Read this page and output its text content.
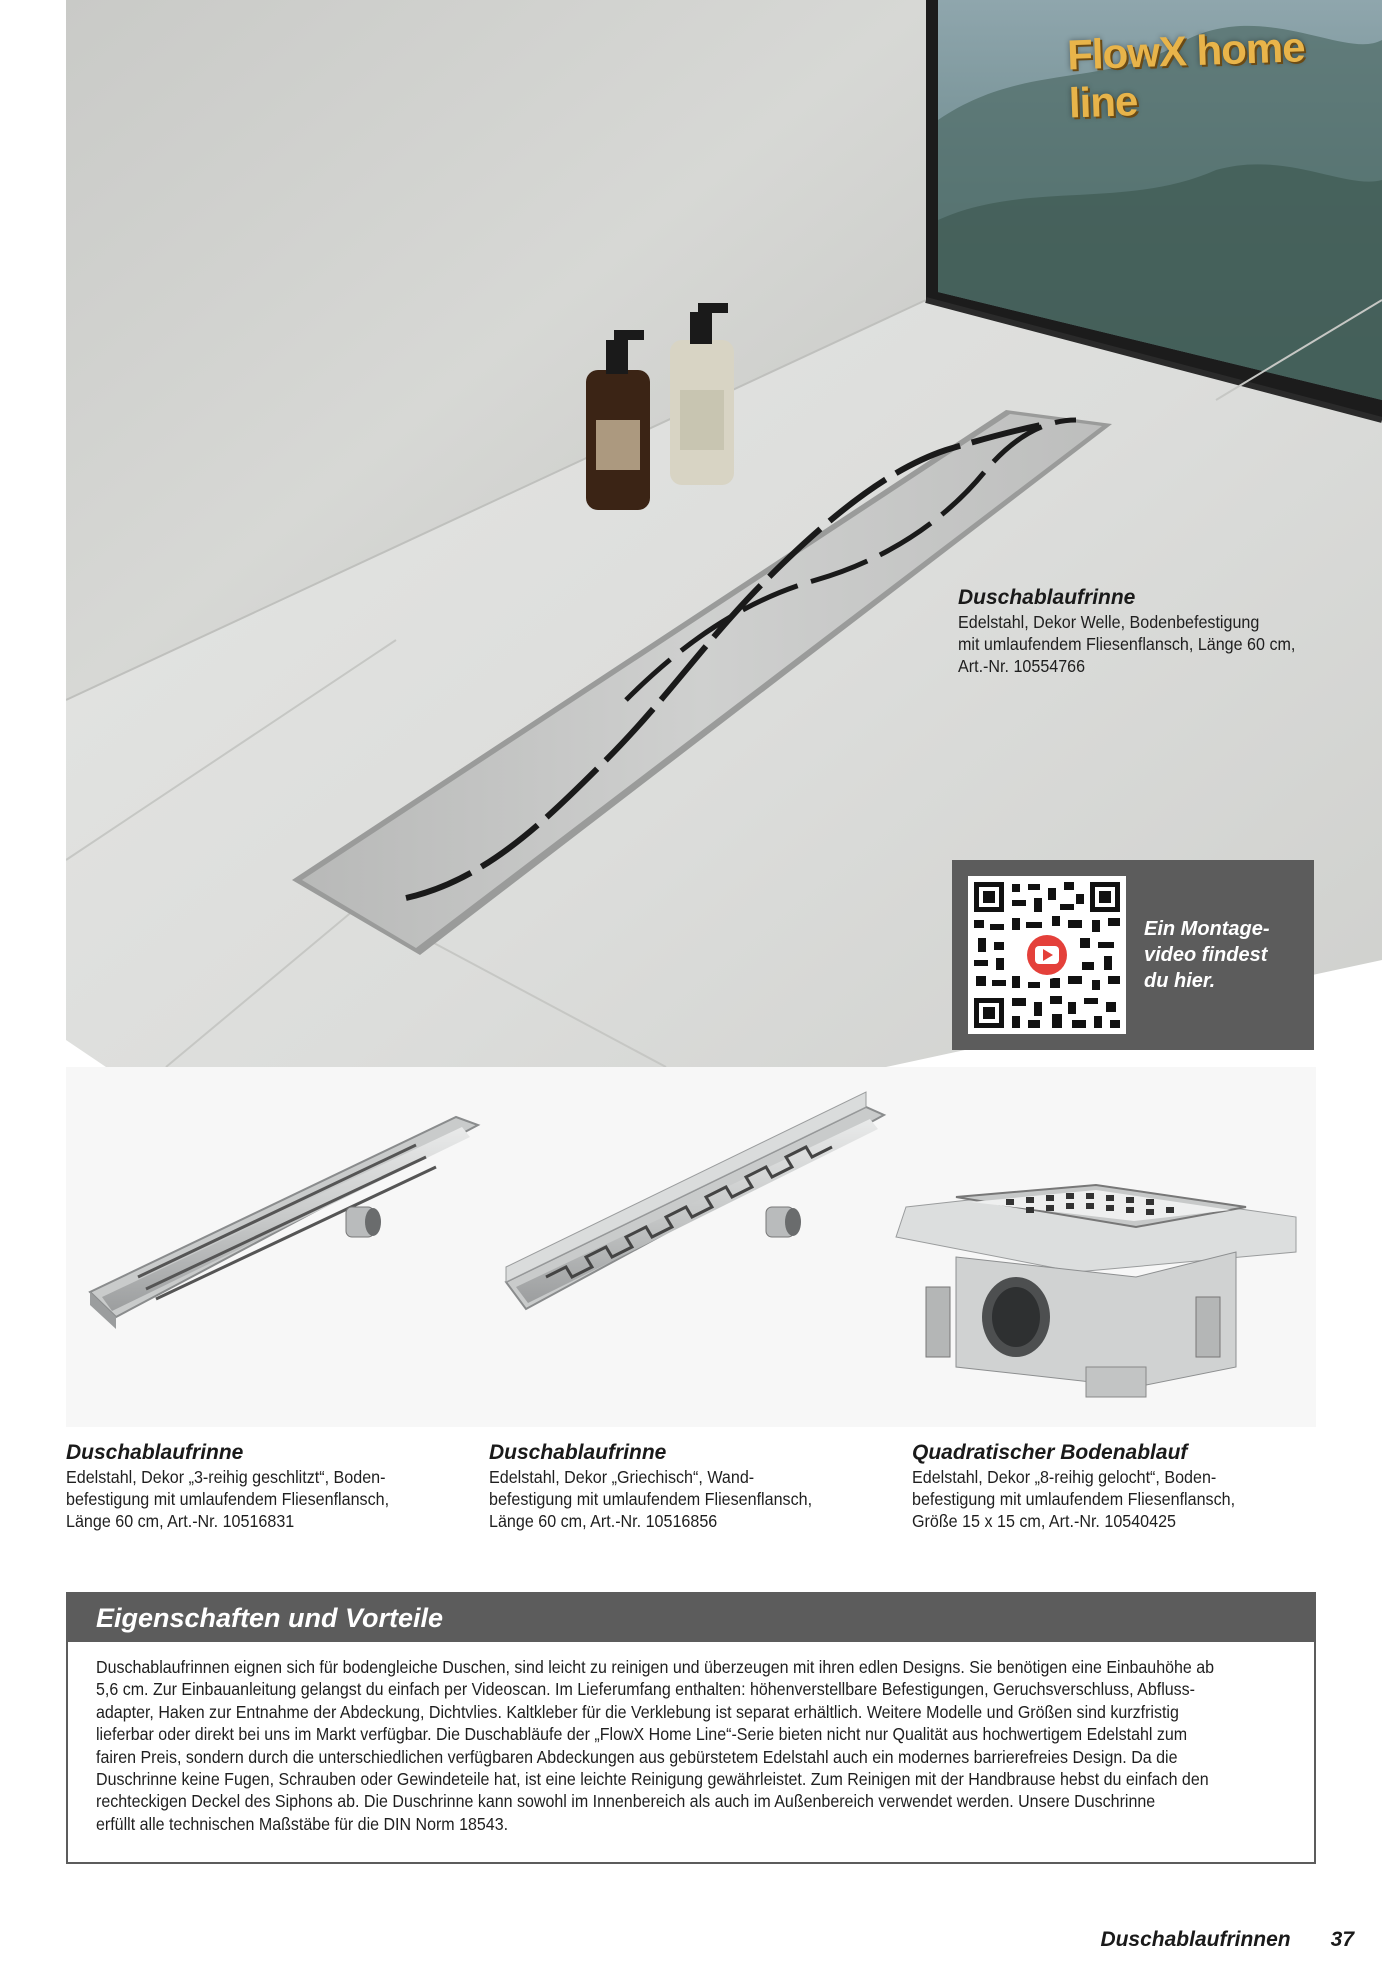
FlowX home line
Duschablaufrinne
Edelstahl, Dekor Welle, Bodenbefestigung
mit umlaufendem Fliesenflansch, Länge 60 cm,
Art.-Nr. 10554766
Ein Montage-
video findest
du hier.
Duschablaufrinne
Edelstahl, Dekor „3-reihig geschlitzt“, Boden-
befestigung mit umlaufendem Fliesenflansch,
Länge 60 cm, Art.-Nr. 10516831
Duschablaufrinne
Edelstahl, Dekor „Griechisch“, Wand-
befestigung mit umlaufendem Fliesenflansch,
Länge 60 cm, Art.-Nr. 10516856
Quadratischer Bodenablauf
Edelstahl, Dekor „8-reihig gelocht“, Boden-
befestigung mit umlaufendem Fliesenflansch,
Größe 15 x 15 cm, Art.-Nr. 10540425
Eigenschaften und Vorteile

Duschablaufrinnen eignen sich für bodengleiche Duschen, sind leicht zu reinigen und überzeugen mit ihren edlen Designs. Sie benötigen eine Einbauhöhe ab

5,6 cm. Zur Einbauanleitung gelangst du einfach per Videoscan. Im Lieferumfang enthalten: höhenverstellbare Befestigungen, Geruchsverschluss, Abfluss-

adapter, Haken zur Entnahme der Abdeckung, Dichtvlies. Kaltkleber für die Verklebung ist separat erhältlich. Weitere Modelle und Größen sind kurzfristig

lieferbar oder direkt bei uns im Markt verfügbar. Die Duschabläufe der „FlowX Home Line“-Serie bieten nicht nur Qualität aus hochwertigem Edelstahl zum

fairen Preis, sondern durch die unterschiedlichen verfügbaren Abdeckungen aus gebürstetem Edelstahl auch ein modernes barrierefreies Design. Da die

Duschrinne keine Fugen, Schrauben oder Gewindeteile hat, ist eine leichte Reinigung gewährleistet. Zum Reinigen mit der Handbrause hebst du einfach den

rechteckigen Deckel des Siphons ab. Die Duschrinne kann sowohl im Innenbereich als auch im Außenbereich verwendet werden. Unsere Duschrinne

erfüllt alle technischen Maßstäbe für die DIN Norm 18543.

Duschablaufrinnen 37
